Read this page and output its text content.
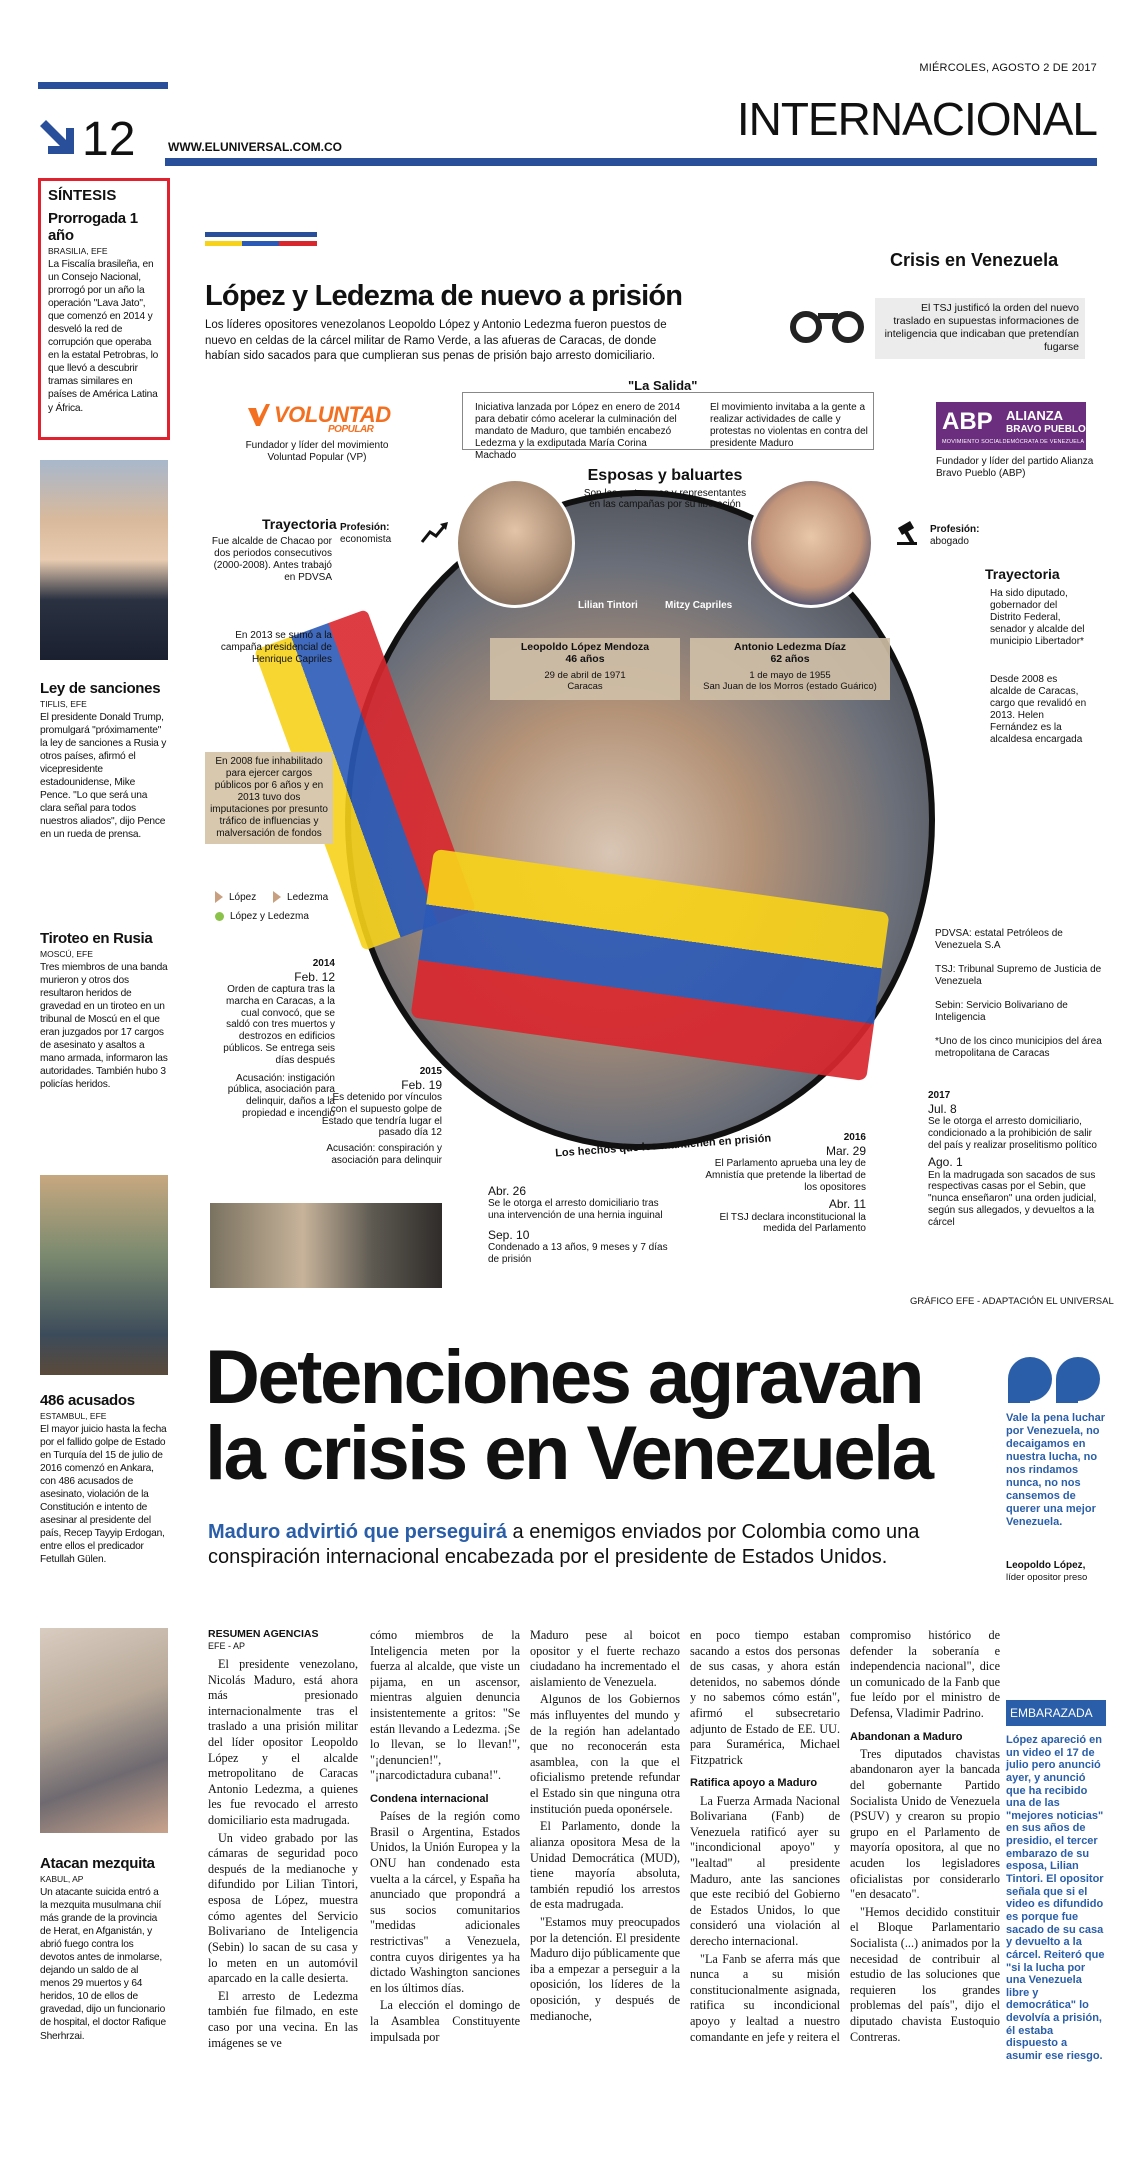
MIÉRCOLES, AGOSTO 2 DE 2017
INTERNACIONAL
12	WWW.ELUNIVERSAL.COM.CO
SÍNTESIS
Prorrogada 1 año
BRASILIA, EFE
La Fiscalía brasileña, en un Consejo Nacional, prorrogó por un año la operación "Lava Jato", que comenzó en 2014 y desveló la red de corrupción que operaba en la estatal Petrobras, lo que llevó a descubrir tramas similares en países de América Latina y África.
Ley de sanciones
TIFLIS, EFE
El presidente Donald Trump, promulgará "próximamente" la ley de sanciones a Rusia y otros países, afirmó el vicepresidente estadounidense, Mike Pence. "Lo que será una clara señal para todos nuestros aliados", dijo Pence en un rueda de prensa.
Tiroteo en Rusia
MOSCÚ, EFE
Tres miembros de una banda murieron y otros dos resultaron heridos de gravedad en un tiroteo en un tribunal de Moscú en el que eran juzgados por 17 cargos de asesinato y asaltos a mano armada, informaron las autoridades. También hubo 3 policías heridos.
486 acusados
ESTAMBUL, EFE
El mayor juicio hasta la fecha por el fallido golpe de Estado en Turquía del 15 de julio de 2016 comenzó en Ankara, con 486 acusados de asesinato, violación de la Constitución e intento de asesinar al presidente del país, Recep Tayyip Erdogan, entre ellos el predicador Fetullah Gülen.
Atacan mezquita
KABUL, AP
Un atacante suicida entró a la mezquita musulmana chií más grande de la provincia de Herat, en Afganistán, y abrió fuego contra los devotos antes de inmolarse, dejando un saldo de al menos 29 muertos y 64 heridos, 10 de ellos de gravedad, dijo un funcionario de hospital, el doctor Rafique Sherhrzai.
Crisis en Venezuela
López y Ledezma de nuevo a prisión
Los líderes opositores venezolanos Leopoldo López y Antonio Ledezma fueron puestos de nuevo en celdas de la cárcel militar de Ramo Verde, a las afueras de Caracas, de donde habían sido sacados para que cumplieran sus penas de prisión bajo arresto domiciliario.
El TSJ justificó la orden del nuevo traslado en supuestas informaciones de inteligencia que indicaban que pretendían fugarse
"La Salida"
Iniciativa lanzada por López en enero de 2014 para debatir cómo acelerar la culminación del mandato de Maduro, que también encabezó Ledezma y la exdiputada María Corina Machado
El movimiento invitaba a la gente a realizar actividades de calle y protestas no violentas en contra del presidente Maduro
VOLUNTAD
POPULAR
Fundador y líder del movimiento Voluntad Popular (VP)
ABP ALIANZA
BRAVO PUEBLO
MOVIMIENTO SOCIALDEMÓCRATA DE VENEZUELA
Fundador y líder del partido Alianza Bravo Pueblo (ABP)
Esposas y baluartes
Son las portavoces y representantes en las campañas por su liberación
Lilian Tintori	Mitzy Capriles
Leopoldo López Mendoza
46 años
29 de abril de 1971
Caracas
Antonio Ledezma Díaz
62 años
1 de mayo de 1955
San Juan de los Morros (estado Guárico)
Profesión:
economista
Profesión:
abogado
Trayectoria
Fue alcalde de Chacao por dos periodos consecutivos (2000-2008). Antes trabajó en PDVSA
En 2013 se sumó a la campaña presidencial de Henrique Capriles
Trayectoria
Ha sido diputado, gobernador del Distrito Federal, senador y alcalde del municipio Libertador*
Desde 2008 es alcalde de Caracas, cargo que revalidó en 2013. Helen Fernández es la alcaldesa encargada
En 2008 fue inhabilitado para ejercer cargos públicos por 6 años y en 2013 tuvo dos imputaciones por presunto tráfico de influencias y malversación de fondos
López	Ledezma
López y Ledezma
PDVSA: estatal Petróleos de Venezuela S.A
TSJ: Tribunal Supremo de Justicia de Venezuela
Sebin: Servicio Bolivariano de Inteligencia
*Uno de los cinco municipios del área metropolitana de Caracas
2014
Feb. 12
Orden de captura tras la marcha en Caracas, a la cual convocó, que se saldó con tres muertos y destrozos en edificios públicos. Se entrega seis días después
Acusación: instigación pública, asociación para delinquir, daños a la propiedad e incendio
2015
Feb. 19
Es detenido por vínculos con el supuesto golpe de Estado que tendría lugar el pasado día 12
Acusación: conspiración y asociación para delinquir
Abr. 26
Se le otorga el arresto domiciliario tras una intervención de una hernia inguinal
Sep. 10
Condenado a 13 años, 9 meses y 7 días de prisión
2016
Mar. 29
El Parlamento aprueba una ley de Amnistía que pretende la libertad de los opositores
Abr. 11
El TSJ declara inconstitucional la medida del Parlamento
2017
Jul. 8
Se le otorga el arresto domiciliario, condicionado a la prohibición de salir del país y realizar proselitismo político
Ago. 1
En la madrugada son sacados de sus respectivas casas por el Sebin, que "nunca enseñaron" una orden judicial, según sus allegados, y devueltos a la cárcel
Los hechos que los mantienen en prisión
GRÁFICO EFE - ADAPTACIÓN EL UNIVERSAL
Detenciones agravan
la crisis en Venezuela
Maduro advirtió que perseguirá a enemigos enviados por Colombia como una conspiración internacional encabezada por el presidente de Estados Unidos.
Vale la pena luchar por Venezuela, no decaigamos en nuestra lucha, no nos rindamos nunca, no nos cansemos de querer una mejor Venezuela.
Leopoldo López,
líder opositor preso
RESUMEN AGENCIAS
EFE - AP

El presidente venezolano, Nicolás Maduro, está ahora más presionado internacionalmente tras el traslado a una prisión militar del líder opositor Leopoldo López y el alcalde metropolitano de Caracas Antonio Ledezma, a quienes les fue revocado el arresto domiciliario esta madrugada.

Un video grabado por las cámaras de seguridad poco después de la medianoche y difundido por Lilian Tintori, esposa de López, muestra cómo agentes del Servicio Bolivariano de Inteligencia (Sebin) lo sacan de su casa y lo meten en un automóvil aparcado en la calle desierta.

El arresto de Ledezma también fue filmado, en este caso por una vecina. En las imágenes se ve

cómo miembros de la Inteligencia meten por la fuerza al alcalde, que viste un pijama, en un ascensor, mientras alguien denuncia insistentemente a gritos: "Se están llevando a Ledezma. ¡Se lo llevan, se lo llevan!", "¡denuncien!", "¡narcodictadura cubana!".

Condena internacional

Países de la región como Brasil o Argentina, Estados Unidos, la Unión Europea y la ONU han condenado esta vuelta a la cárcel, y España ha anunciado que propondrá a sus socios comunitarios "medidas adicionales restrictivas" a Venezuela, contra cuyos dirigentes ya ha dictado Washington sanciones en los últimos días.

La elección el domingo de la Asamblea Constituyente impulsada por

Maduro pese al boicot opositor y el fuerte rechazo ciudadano ha incrementado el aislamiento de Venezuela.

Algunos de los Gobiernos más influyentes del mundo y de la región han adelantado que no reconocerán esta asamblea, con la que el oficialismo pretende refundar el Estado sin que ninguna otra institución pueda oponérsele.

El Parlamento, donde la alianza opositora Mesa de la Unidad Democrática (MUD), tiene mayoría absoluta, también repudió los arrestos de esta madrugada.

"Estamos muy preocupados por la detención. El presidente Maduro dijo públicamente que iba a empezar a perseguir a la oposición, los líderes de la oposición, y después de medianoche,

en poco tiempo estaban sacando a estos dos personas de sus casas, y ahora están detenidos, no sabemos dónde y no sabemos cómo están", afirmó el subsecretario adjunto de Estado de EE. UU. para Suramérica, Michael Fitzpatrick

Ratifica apoyo a Maduro

La Fuerza Armada Nacional Bolivariana (Fanb) de Venezuela ratificó ayer su "incondicional apoyo" y "lealtad" al presidente Maduro, ante las sanciones que este recibió del Gobierno de Estados Unidos, lo que consideró una violación al derecho internacional.

"La Fanb se aferra más que nunca a su misión constitucionalmente asignada, ratifica su incondicional apoyo y lealtad a nuestro comandante en jefe y reitera el

compromiso histórico de defender la soberanía e independencia nacional", dice un comunicado de la Fanb que fue leído por el ministro de Defensa, Vladimir Padrino.

Abandonan a Maduro

Tres diputados chavistas abandonaron ayer la bancada del gobernante Partido Socialista Unido de Venezuela (PSUV) y crearon su propio grupo en el Parlamento de mayoría opositora, al que no acuden los legisladores oficialistas por considerarlo "en desacato".

"Hemos decidido constituir el Bloque Parlamentario Socialista (...) animados por la necesidad de contribuir al estudio de las soluciones que requieren los grandes problemas del país", dijo el diputado chavista Eustoquio Contreras.

EMBARAZADA
López apareció en un video el 17 de julio pero anunció ayer, y anunció que ha recibido una de las "mejores noticias" en sus años de presidio, el tercer embarazo de su esposa, Lilian Tintori. El opositor señala que si el video es difundido es porque fue sacado de su casa y devuelto a la cárcel. Reiteró que "si la lucha por una Venezuela libre y democrática" lo devolvía a prisión, él estaba dispuesto a asumir ese riesgo.
